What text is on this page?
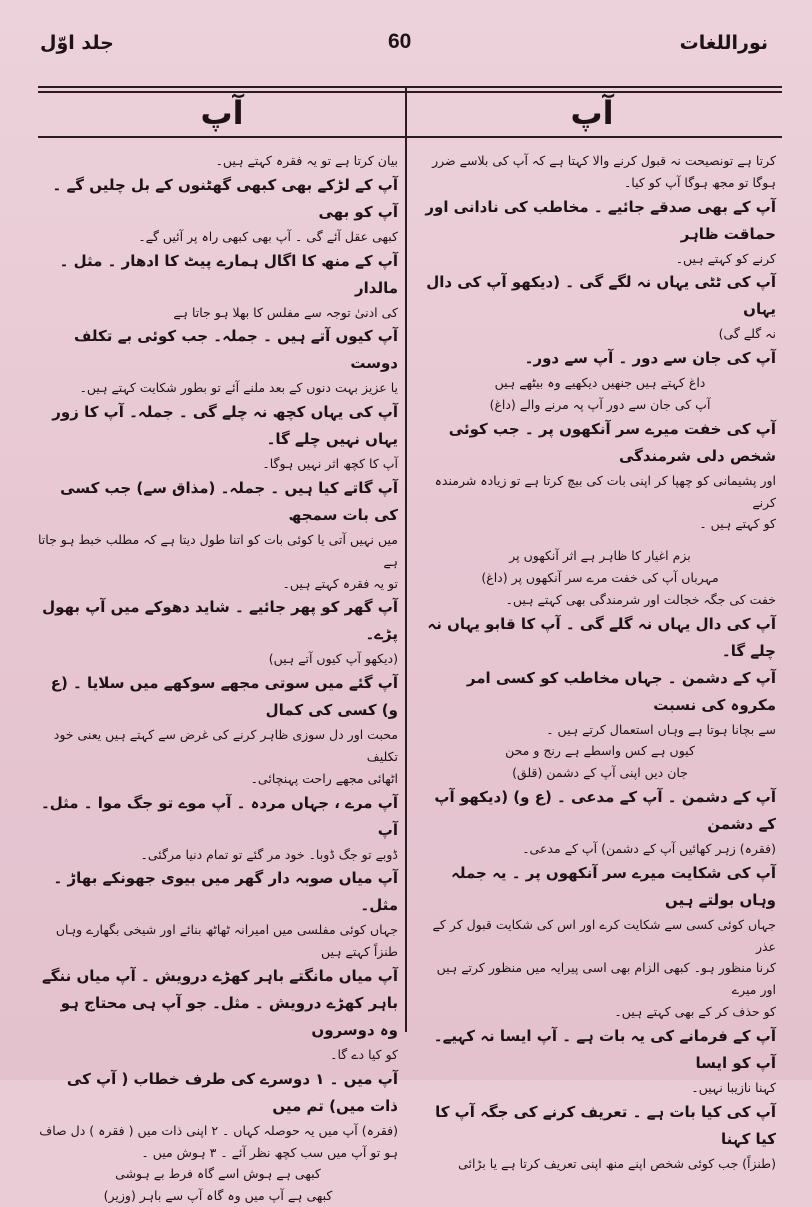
جلد اوّل	60	نوراللغات
آپ	آپ

کرتا ہے تونصیحت نہ قبول کرنے والا کہتا ہے کہ آپ کی بلاسے ضرر

ہوگا تو مجھ ہوگا آپ کو کیا۔

آپ کے بھی صدقے جائیے ۔ مخاطب کی نادانی اور حماقت ظاہر

کرنے کو کہتے ہیں۔

آپ کی ٹٹی یہاں نہ لگے گی ۔ (دیکھو آپ کی دال یہاں

نہ گلے گی)

آپ کی جان سے دور ۔ آپ سے دور۔

داغ کہتے ہیں جنھیں دیکھیے وہ بیٹھے ہیں

آپ کی جان سے دور آپ پہ مرنے والے (داغ)

آپ کی خفت میرے سر آنکھوں پر ۔ جب کوئی شخص دلی شرمندگی

اور پشیمانی کو چھپا کر اپنی بات کی بیچ کرتا ہے تو زیادہ شرمندہ کرنے

کو کہتے ہیں ۔

بزم اغیار کا ظاہر ہے اثر آنکھوں پر

مہرباں آپ کی خفت مرے سر آنکھوں پر (داغ)

خفت کی جگہ خجالت اور شرمندگی بھی کہتے ہیں۔

آپ کی دال یہاں نہ گلے گی ۔ آپ کا قابو یہاں نہ چلے گا۔

آپ کے دشمن ۔ جہاں مخاطب کو کسی امر مکروہ کی نسبت

سے بچانا ہوتا ہے وہاں استعمال کرتے ہیں ۔

کیوں ہے کس واسطے ہے رنج و محن

جان دیں اپنی آپ کے دشمن (قلق)

آپ کے دشمن ۔ آپ کے مدعی ۔ (ع و) (دیکھو آپ کے دشمن

(فقرہ) زہر کھائیں آپ کے دشمن) آپ کے مدعی۔

آپ کی شکایت میرے سر آنکھوں پر ۔ یہ جملہ وہاں بولتے ہیں

جہاں کوئی کسی سے شکایت کرے اور اس کی شکایت قبول کر کے عذر

کرنا منظور ہو۔ کبھی الزام بھی اسی پیرایہ میں منظور کرتے ہیں اور میرے

کو حذف کر کے بھی کہتے ہیں۔

آپ کے فرمانے کی یہ بات ہے ۔ آپ ایسا نہ کہیے۔ آپ کو ایسا

کہنا نازیبا نہیں۔

آپ کی کیا بات ہے ۔ تعریف کرنے کی جگہ آپ کا کیا کہنا

(طنزاً) جب کوئی شخص اپنے منھ اپنی تعریف کرتا ہے یا بڑائی

بیان کرتا ہے تو یہ فقرہ کہتے ہیں۔

آپ کے لڑکے بھی کبھی گھٹنوں کے بل چلیں گے ۔ آپ کو بھی

کبھی عقل آئے گی ۔ آپ بھی کبھی راہ پر آئیں گے۔

آپ کے منھ کا اگال ہمارے پیٹ کا ادھار ۔ مثل ۔ مالدار

کی ادنیٰ توجہ سے مفلس کا بھلا ہو جاتا ہے

آپ کیوں آتے ہیں ۔ جملہ۔ جب کوئی بے تکلف دوست

یا عزیز بہت دنوں کے بعد ملنے آئے تو بطور شکایت کہتے ہیں۔

آپ کی یہاں کچھ نہ چلے گی ۔ جملہ۔ آپ کا زور یہاں نہیں چلے گا۔

آپ کا کچھ اثر نہیں ہوگا۔

آپ گاتے کیا ہیں ۔ جملہ۔ (مذاق سے) جب کسی کی بات سمجھ

میں نہیں آتی یا کوئی بات کو اتنا طول دیتا ہے کہ مطلب خبط ہو جاتا ہے

تو یہ فقرہ کہتے ہیں۔

آپ گھر کو پھر جائیے ۔ شاید دھوکے میں آپ بھول پڑے۔

(دیکھو آپ کیوں آتے ہیں)

آپ گئے میں سوتی مجھے سوکھے میں سلایا ۔ (ع و) کسی کی کمال

محبت اور دل سوزی ظاہر کرنے کی غرض سے کہتے ہیں یعنی خود تکلیف

اٹھائی مجھے راحت پہنچائی۔

آپ مرے ، جہاں مردہ ۔ آپ موے تو جگ موا ۔ مثل۔ آپ

ڈوبے تو جگ ڈوبا۔ خود مر گئے تو تمام دنیا مرگئی۔

آپ میاں صوبہ دار گھر میں بیوی جھونکے بھاڑ ۔ مثل۔

جہاں کوئی مفلسی میں امیرانہ ٹھاٹھ بنائے اور شیخی بگھارے وہاں

طنزاً کہتے ہیں

آپ میاں مانگتے باہر کھڑے درویش ۔ آپ میاں ننگے

باہر کھڑے درویش ۔ مثل۔ جو آپ ہی محتاج ہو وہ دوسروں

کو کیا دے گا۔

آپ میں ۔ ۱ دوسرے کی طرف خطاب ( آپ کی ذات میں) تم میں

(فقرہ) آپ میں یہ حوصلہ کہاں ۔ ۲ اپنی ذات میں ( فقرہ ) دل صاف

ہو تو آپ میں سب کچھ نظر آئے ۔ ۳ ہوش میں ۔

کبھی ہے ہوش اسے گاہ فرط بے ہوشی

کبھی ہے آپ میں وہ گاہ آپ سے باہر (وزیر)
